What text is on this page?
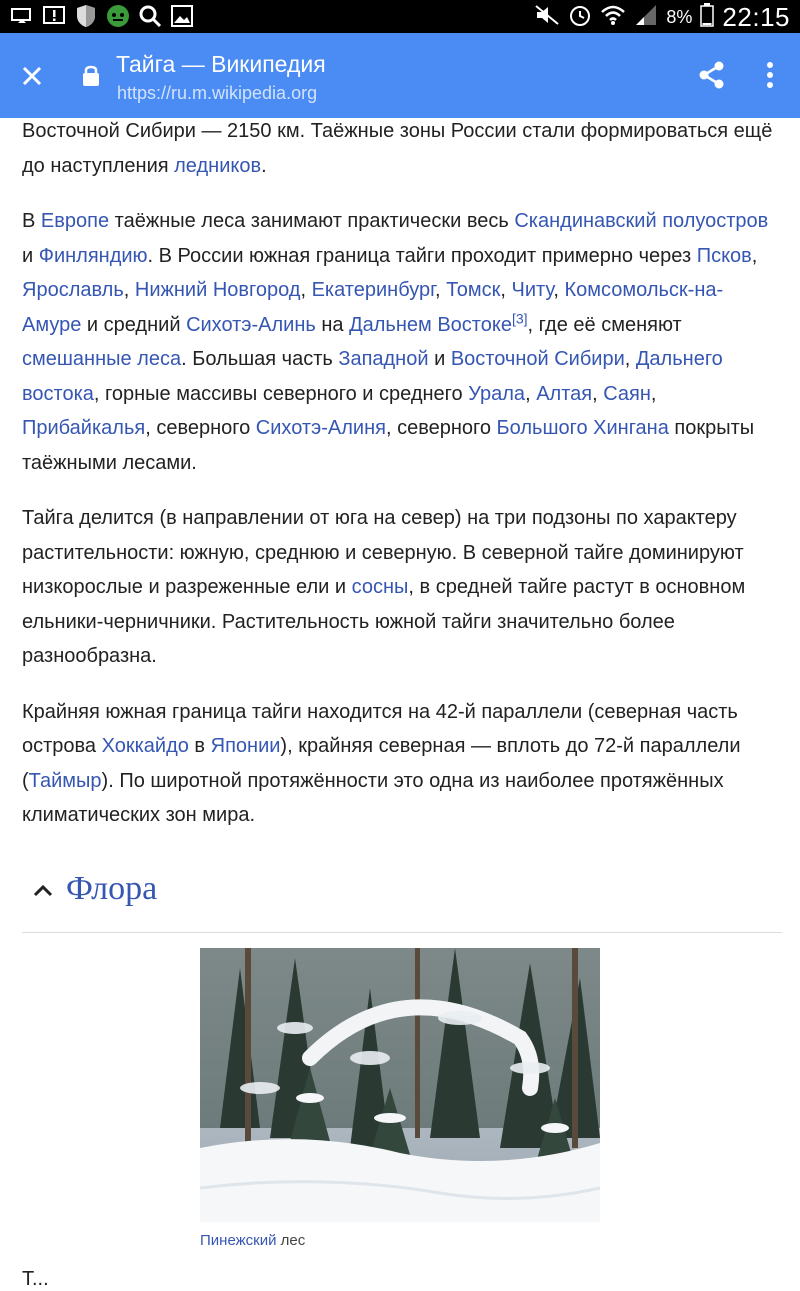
8% 22:15
Тайга — Википедия
https://ru.m.wikipedia.org

Восточной Сибири — 2150 км. Таёжные зоны России стали формироваться ещё до наступления ледников.

В Европе таёжные леса занимают практически весь Скандинавский полуостров и Финляндию. В России южная граница тайги проходит примерно через Псков, Ярославль, Нижний Новгород, Екатеринбург, Томск, Читу, Комсомольск-на-Амуре и средний Сихотэ-Алинь на Дальнем Востоке[3], где её сменяют смешанные леса. Большая часть Западной и Восточной Сибири, Дальнего востока, горные массивы северного и среднего Урала, Алтая, Саян, Прибайкалья, северного Сихотэ-Алиня, северного Большого Хингана покрыты таёжными лесами.

Тайга делится (в направлении от юга на север) на три подзоны по характеру растительности: южную, среднюю и северную. В северной тайге доминируют низкорослые и разреженные ели и сосны, в средней тайге растут в основном ельники-черничники. Растительность южной тайги значительно более разнообразна.

Крайняя южная граница тайги находится на 42-й параллели (северная часть острова Хоккайдо в Японии), крайняя северная — вплоть до 72-й параллели (Таймыр). По широтной протяжённости это одна из наиболее протяжённых климатических зон мира.

Флора
Пинежский лес
Т...
